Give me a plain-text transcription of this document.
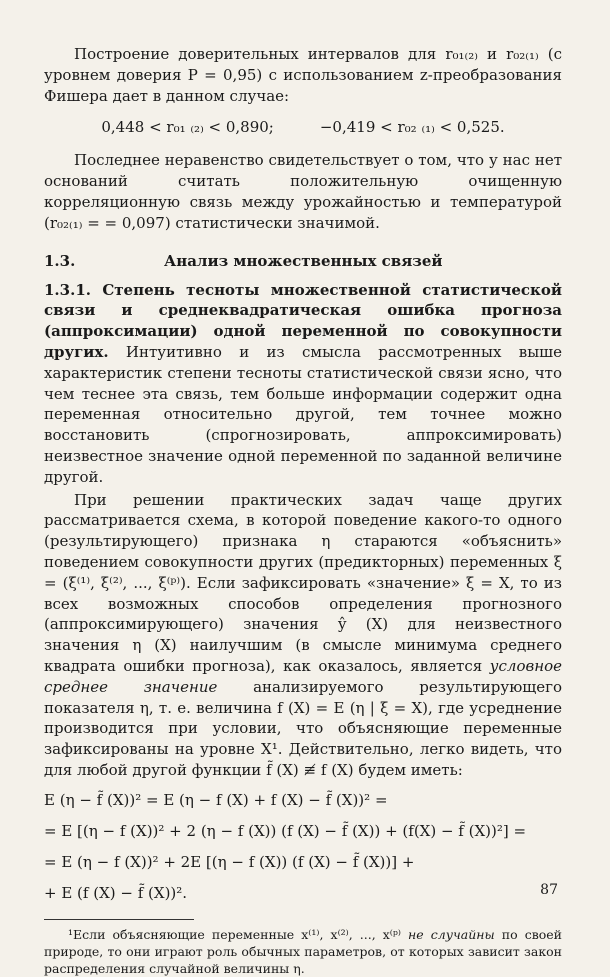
Построение доверительных интервалов для r₀₁₍₂₎ и r₀₂₍₁₎ (с уровнем доверия P = 0,95) с использованием z-преобразования Фишера дает в данном случае:

0,448 < r₀₁ ₍₂₎ < 0,890;	−0,419 < r₀₂ ₍₁₎ < 0,525.

Последнее неравенство свидетельствует о том, что у нас нет оснований считать положительную очищенную корреляционную связь между урожайностью и температурой (r₀₂₍₁₎ = = 0,097) статистически значимой.

1.3.	Анализ множественных связей

1.3.1. Степень тесноты множественной статистической связи и среднеквадратическая ошибка прогноза (аппроксимации) одной переменной по совокупности других. Интуитивно и из смысла рассмотренных выше характеристик степени тесноты статистической связи ясно, что чем теснее эта связь, тем больше информации содержит одна переменная относительно другой, тем точнее можно восстановить (спрогнозировать, аппроксимировать) неизвестное значение одной переменной по заданной величине другой.

При решении практических задач чаще других рассматривается схема, в которой поведение какого-то одного (результирующего) признака η стараются «объяснить» поведением совокупности других (предикторных) переменных ξ = (ξ⁽¹⁾, ξ⁽²⁾, ..., ξ⁽ᵖ⁾). Если зафиксировать «значение» ξ = X, то из всех возможных способов определения прогнозного (аппроксимирующего) значения ŷ (X) для неизвестного значения η (X) наилучшим (в смысле минимума среднего квадрата ошибки прогноза), как оказалось, является условное среднее значение анализируемого результирующего показателя η, т. е. величина f (X) = E (η | ξ = X), где усреднение производится при условии, что объясняющие переменные зафиксированы на уровне X¹. Действительно, легко видеть, что для любой другой функции f̃ (X) ≢ f (X) будем иметь:

E (η − f̃ (X))² = E (η − f (X) + f (X) − f̃ (X))² =
= E [(η − f (X))² + 2 (η − f (X)) (f (X) − f̃ (X)) + (f(X) − f̃ (X))²] =
= E (η − f (X))² + 2E [(η − f (X)) (f (X) − f̃ (X))] +
+ E (f (X) − f̃ (X))².

¹Если объясняющие переменные x⁽¹⁾, x⁽²⁾, ..., x⁽ᵖ⁾ не случайны по своей природе, то они играют роль обычных параметров, от которых зависит закон распределения случайной величины η.

87
